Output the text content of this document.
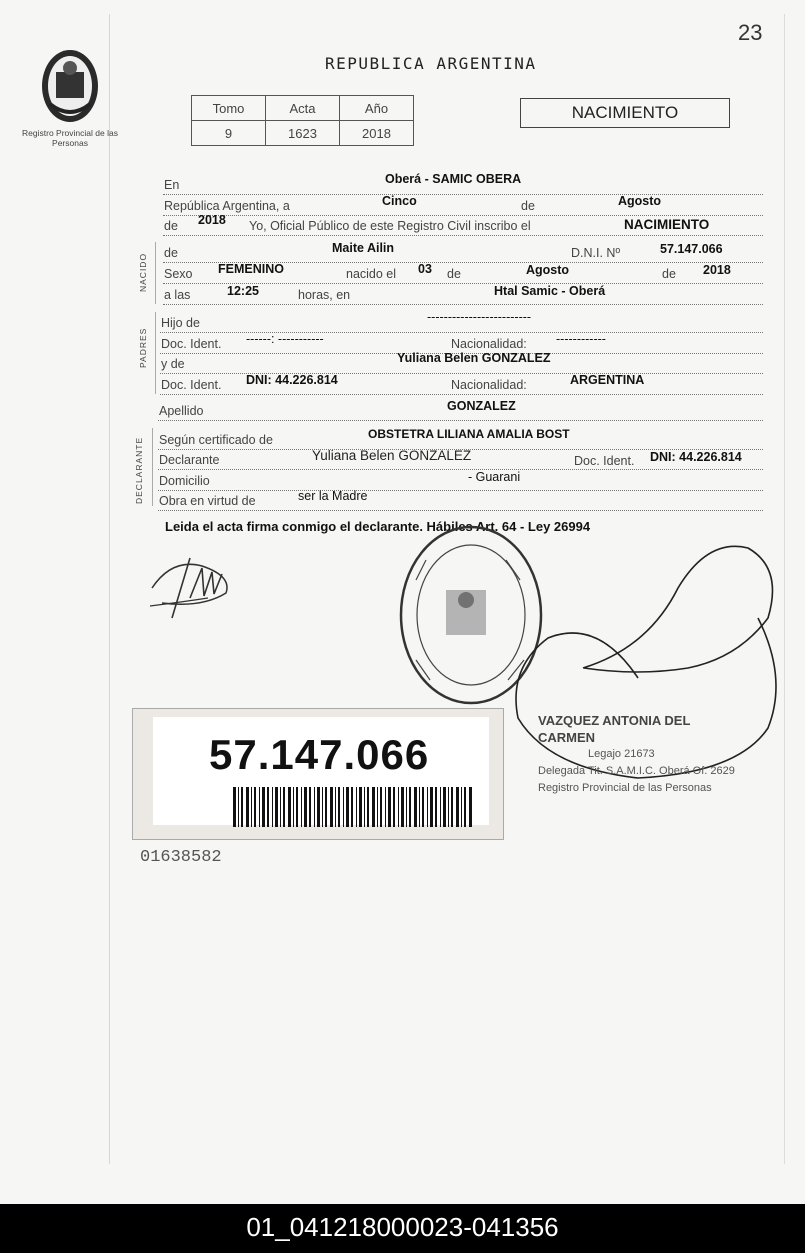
Registro Provincial de las Personas
23
REPUBLICA ARGENTINA
Tomo	Acta	Año
9	1623	2018
NACIMIENTO
En	Oberá - SAMIC OBERA
República Argentina, a	Cinco	de	Agosto
de 2018 Yo, Oficial Público de este Registro Civil inscribo el	NACIMIENTO
NACIDO de	Maite Ailin	D.N.I. Nº	57.147.066
Sexo FEMENINO	nacido el 03 de	Agosto	de 2018
a las	12:25	horas, en	Htal Samic - Oberá
PADRES
Hijo de	-------------------------
Doc. Ident. ------: -----------	Nacionalidad: ------------
y de	Yuliana Belen GONZALEZ
Doc. Ident. DNI: 44.226.814	Nacionalidad:	ARGENTINA
Apellido	GONZALEZ
DECLARANTE Según certificado de	OBSTETRA LILIANA AMALIA BOST
Declarante	Yuliana Belen GONZALEZ	Doc. Ident. DNI: 44.226.814
Domicilio	- Guarani
Obra en virtud de	ser la Madre
Leida el acta firma conmigo el declarante. Hábiles Art. 64 - Ley 26994
57.147.066
01638582
VAZQUEZ ANTONIA DEL CARMEN
Legajo 21673
Delegada Tit. S.A.M.I.C. Oberá Of. 2629
Registro Provincial de las Personas
01_041218000023-041356
